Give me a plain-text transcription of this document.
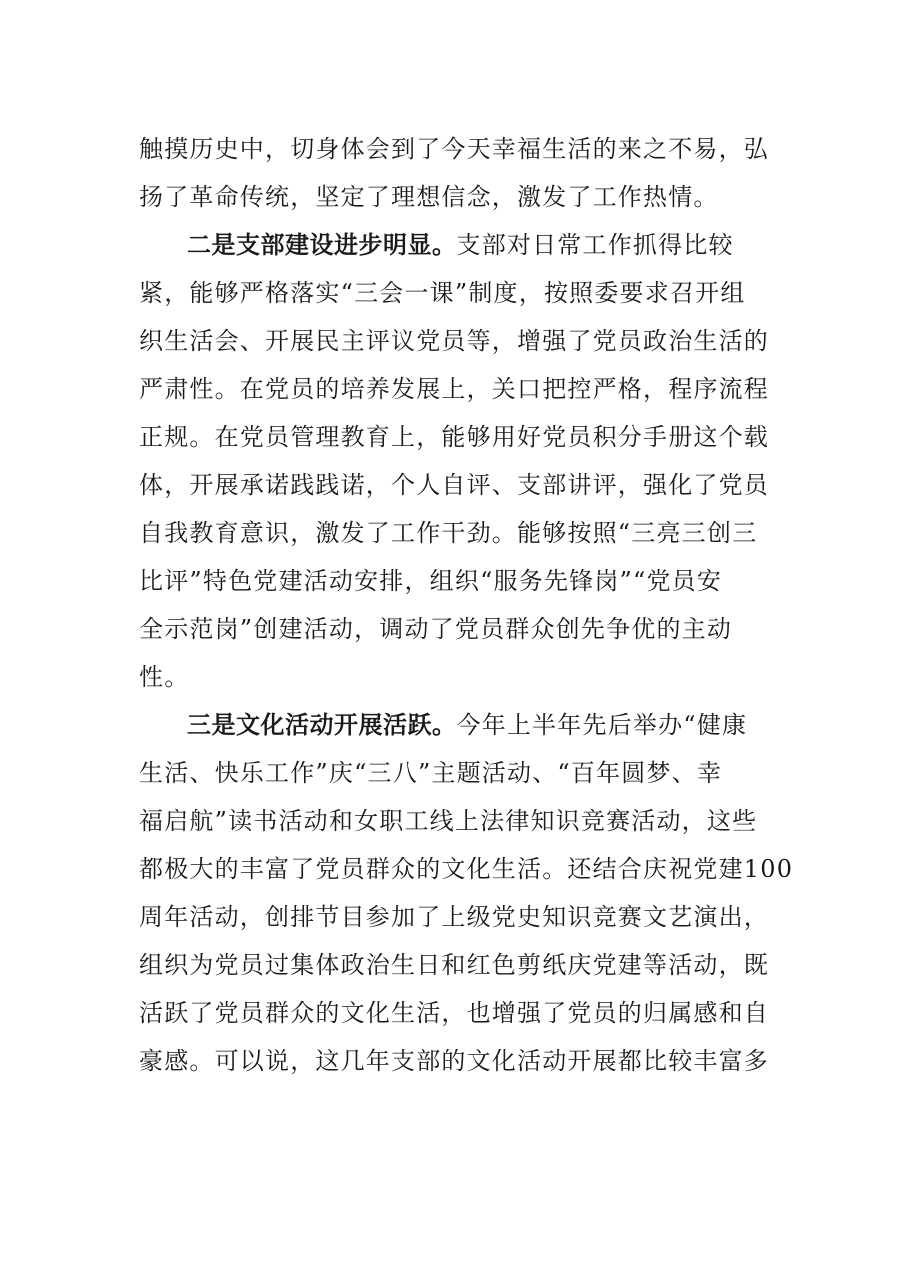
触摸历史中，切身体会到了今天幸福生活的来之不易，弘
扬了革命传统，坚定了理想信念，激发了工作热情。
二是支部建设进步明显。支部对日常工作抓得比较
紧，能够严格落实“三会一课”制度，按照委要求召开组
织生活会、开展民主评议党员等，增强了党员政治生活的
严肃性。在党员的培养发展上，关口把控严格，程序流程
正规。在党员管理教育上，能够用好党员积分手册这个载
体，开展承诺践践诺，个人自评、支部讲评，强化了党员
自我教育意识，激发了工作干劲。能够按照“三亮三创三
比评”特色党建活动安排，组织“服务先锋岗”“党员安
全示范岗”创建活动，调动了党员群众创先争优的主动
性。
三是文化活动开展活跃。今年上半年先后举办“健康
生活、快乐工作”庆“三八”主题活动、“百年圆梦、幸
福启航”读书活动和女职工线上法律知识竞赛活动，这些
都极大的丰富了党员群众的文化生活。还结合庆祝党建100
周年活动，创排节目参加了上级党史知识竞赛文艺演出，
组织为党员过集体政治生日和红色剪纸庆党建等活动，既
活跃了党员群众的文化生活，也增强了党员的归属感和自
豪感。可以说，这几年支部的文化活动开展都比较丰富多
